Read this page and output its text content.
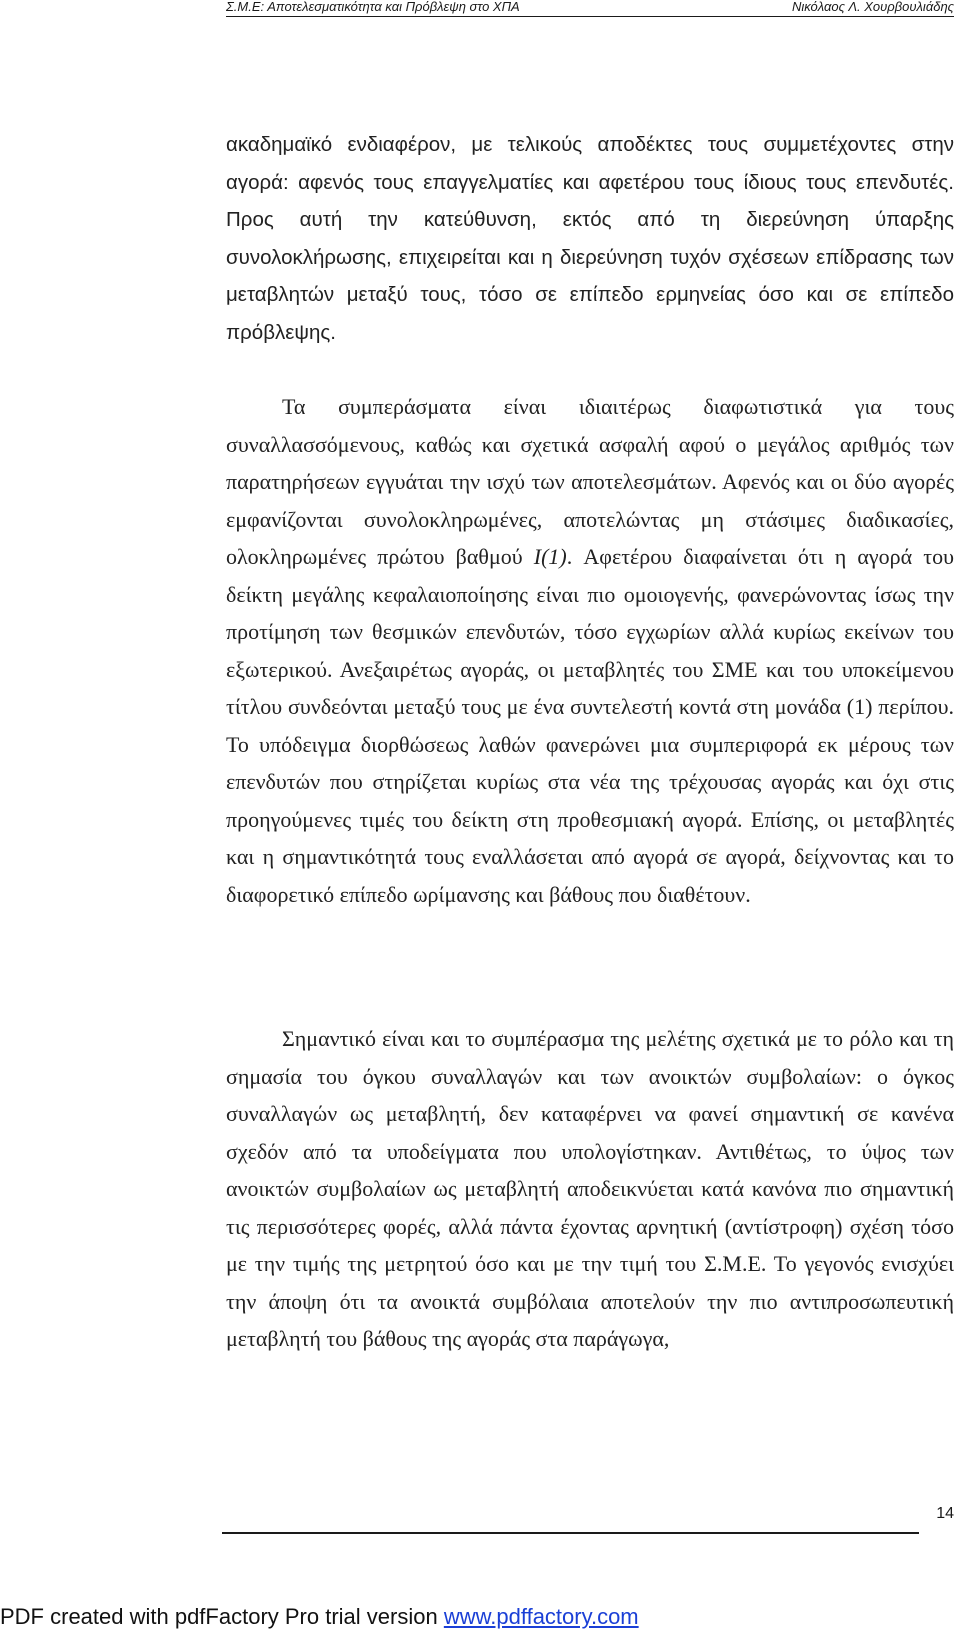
Σ.Μ.Ε: Αποτελεσματικότητα και Πρόβλεψη στο ΧΠΑ	Νικόλαος Λ. Χουρβουλιάδης

ακαδημαϊκό ενδιαφέρον, με τελικούς αποδέκτες τους συμμετέχοντες στην αγορά: αφενός τους επαγγελματίες και αφετέρου τους ίδιους τους επενδυτές. Προς αυτή την κατεύθυνση, εκτός από τη διερεύνηση ύπαρξης συνολοκλήρωσης, επιχειρείται και η διερεύνηση τυχόν σχέσεων επίδρασης των μεταβλητών μεταξύ τους, τόσο σε επίπεδο ερμηνείας όσο και σε επίπεδο πρόβλεψης.

Τα συμπεράσματα είναι ιδιαιτέρως διαφωτιστικά για τους συναλλασσόμενους, καθώς και σχετικά ασφαλή αφού ο μεγάλος αριθμός των παρατηρήσεων εγγυάται την ισχύ των αποτελεσμάτων. Αφενός και οι δύο αγορές εμφανίζονται συνολοκληρωμένες, αποτελώντας μη στάσιμες διαδικασίες, ολοκληρωμένες πρώτου βαθμού I(1). Αφετέρου διαφαίνεται ότι η αγορά του δείκτη μεγάλης κεφαλαιοποίησης είναι πιο ομοιογενής, φανερώνοντας ίσως την προτίμηση των θεσμικών επενδυτών, τόσο εγχωρίων αλλά κυρίως εκείνων του εξωτερικού. Ανεξαιρέτως αγοράς, οι μεταβλητές του ΣΜΕ και του υποκείμενου τίτλου συνδεόνται μεταξύ τους με ένα συντελεστή κοντά στη μονάδα (1) περίπου. Το υπόδειγμα διορθώσεως λαθών φανερώνει μια συμπεριφορά εκ μέρους των επενδυτών που στηρίζεται κυρίως στα νέα της τρέχουσας αγοράς και όχι στις προηγούμενες τιμές του δείκτη στη προθεσμιακή αγορά. Επίσης, οι μεταβλητές και η σημαντικότητά τους εναλλάσεται από αγορά σε αγορά, δείχνοντας και το διαφορετικό επίπεδο ωρίμανσης και βάθους που διαθέτουν.

Σημαντικό είναι και το συμπέρασμα της μελέτης σχετικά με το ρόλο και τη σημασία του όγκου συναλλαγών και των ανοικτών συμβολαίων: ο όγκος συναλλαγών ως μεταβλητή, δεν καταφέρνει να φανεί σημαντική σε κανένα σχεδόν από τα υποδείγματα που υπολογίστηκαν. Αντιθέτως, το ύψος των ανοικτών συμβολαίων ως μεταβλητή αποδεικνύεται κατά κανόνα πιο σημαντική τις περισσότερες φορές, αλλά πάντα έχοντας αρνητική (αντίστροφη) σχέση τόσο με την τιμής της μετρητού όσο και με την τιμή του Σ.Μ.Ε. Το γεγονός ενισχύει την άποψη ότι τα ανοικτά συμβόλαια αποτελούν την πιο αντιπροσωπευτική μεταβλητή του βάθους της αγοράς στα παράγωγα,

14
PDF created with pdfFactory Pro trial version www.pdffactory.com
